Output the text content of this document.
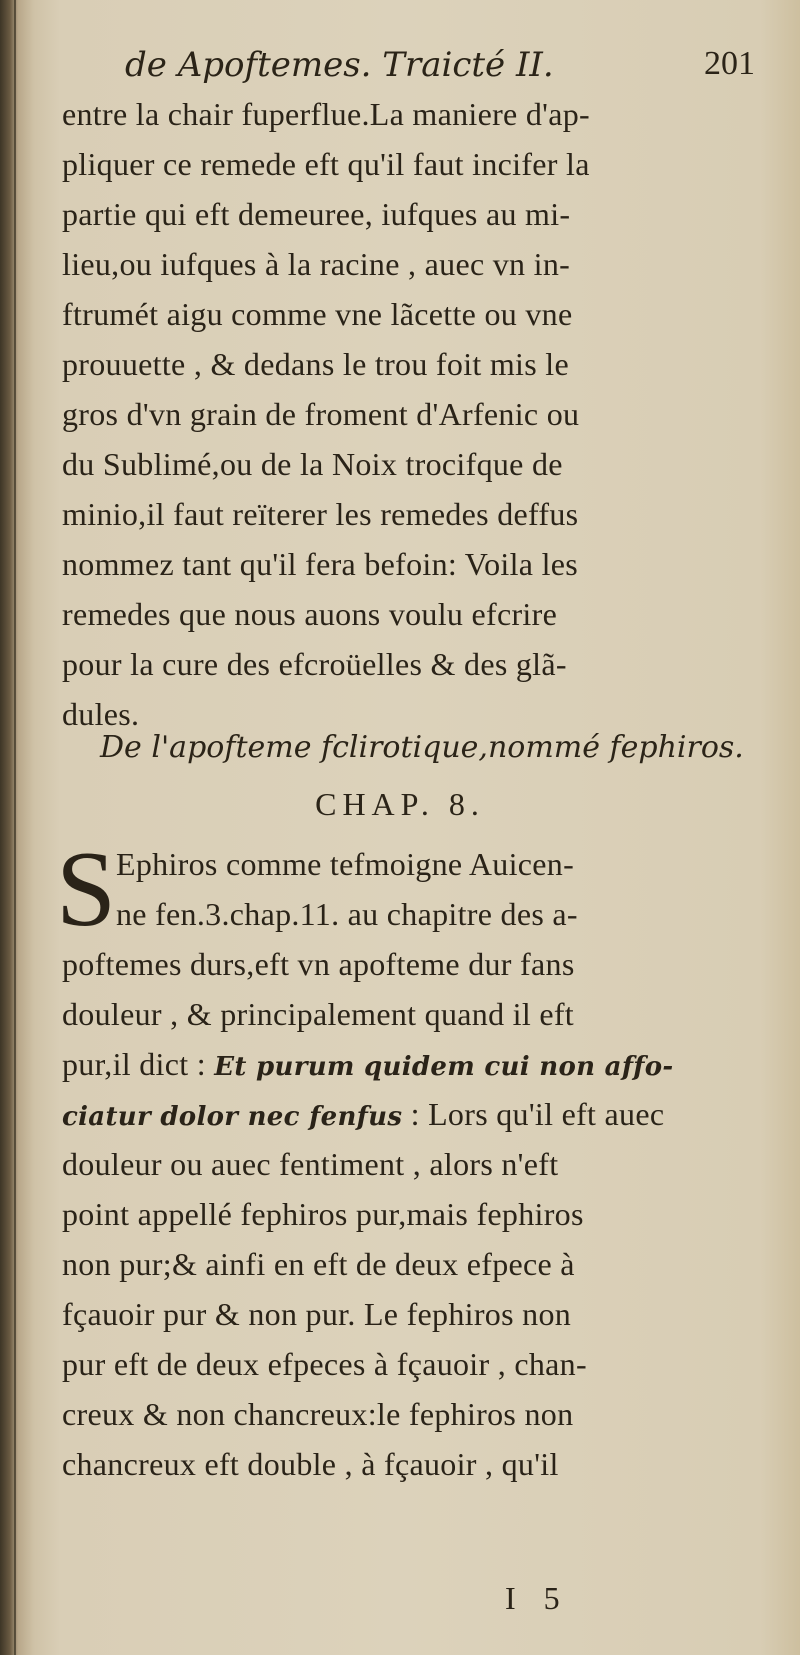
de Apoftemes. Traicté II.	201
entre la chair fuperflue.La maniere d'ap-
pliquer ce remede eft qu'il faut incifer la
partie qui eft demeuree, iufques au mi-
lieu,ou iufques à la racine , auec vn in-
ftrumét aigu comme vne lãcette ou vne
prouuette , & dedans le trou foit mis le
gros d'vn grain de froment d'Arfenic ou
du Sublimé,ou de la Noix trocifque de
minio,il faut reïterer les remedes deffus
nommez tant qu'il fera befoin: Voila les
remedes que nous auons voulu efcrire
pour la cure des efcroüelles & des glã-
dules.
De l'apofteme fclirotique,nommé fephiros.
CHAP. 8.
S Ephiros comme tefmoigne Auicen-
ne fen.3.chap.11. au chapitre des a-
poftemes durs,eft vn apofteme dur fans
douleur , & principalement quand il eft
pur,il dict : Et purum quidem cui non affo-
ciatur dolor nec fenfus : Lors qu'il eft auec
douleur ou auec fentiment , alors n'eft
point appellé fephiros pur,mais fephiros
non pur;& ainfi en eft de deux efpece à
fçauoir pur & non pur. Le fephiros non
pur eft de deux efpeces à fçauoir , chan-
creux & non chancreux:le fephiros non
chancreux eft double , à fçauoir , qu'il
I 5
